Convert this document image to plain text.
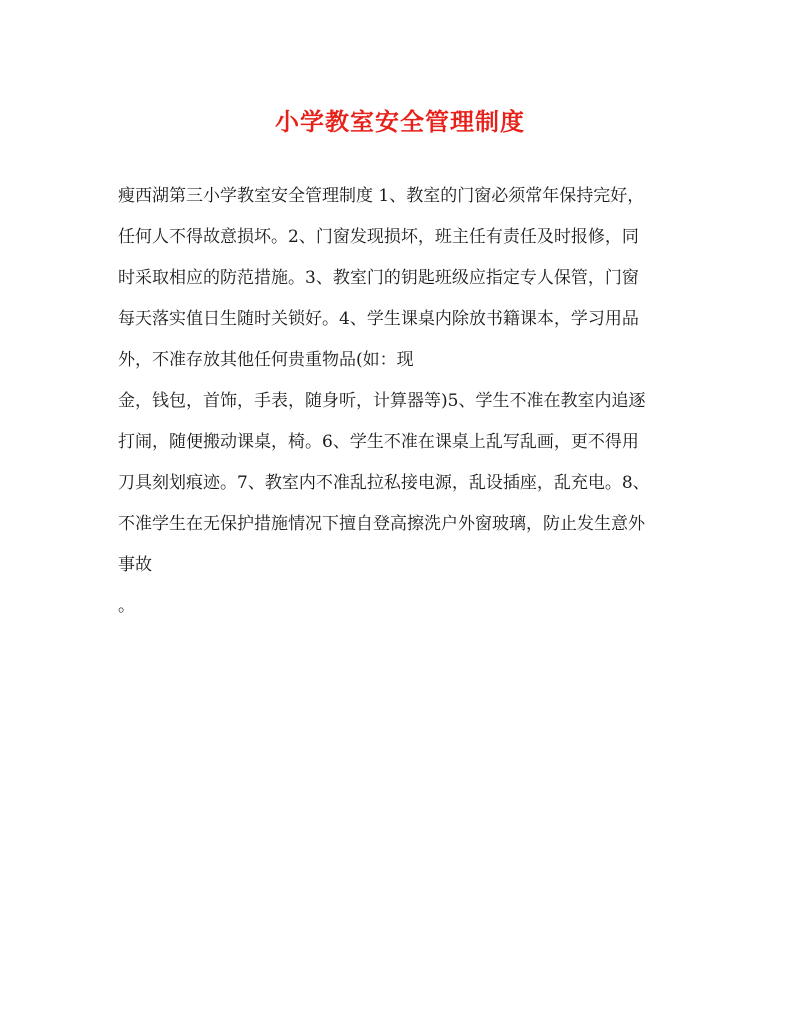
小学教室安全管理制度

瘦西湖第三小学教室安全管理制度 1、教室的门窗必须常年保持完好，

任何人不得故意损坏。2、门窗发现损坏，班主任有责任及时报修，同

时采取相应的防范措施。3、教室门的钥匙班级应指定专人保管，门窗

每天落实值日生随时关锁好。4、学生课桌内除放书籍课本，学习用品

外，不准存放其他任何贵重物品(如：现

金，钱包，首饰，手表，随身听，计算器等)5、学生不准在教室内追逐

打闹，随便搬动课桌，椅。6、学生不准在课桌上乱写乱画，更不得用

刀具刻划痕迹。7、教室内不准乱拉私接电源，乱设插座，乱充电。8、

不准学生在无保护措施情况下擅自登高擦洗户外窗玻璃，防止发生意外

事故

。
